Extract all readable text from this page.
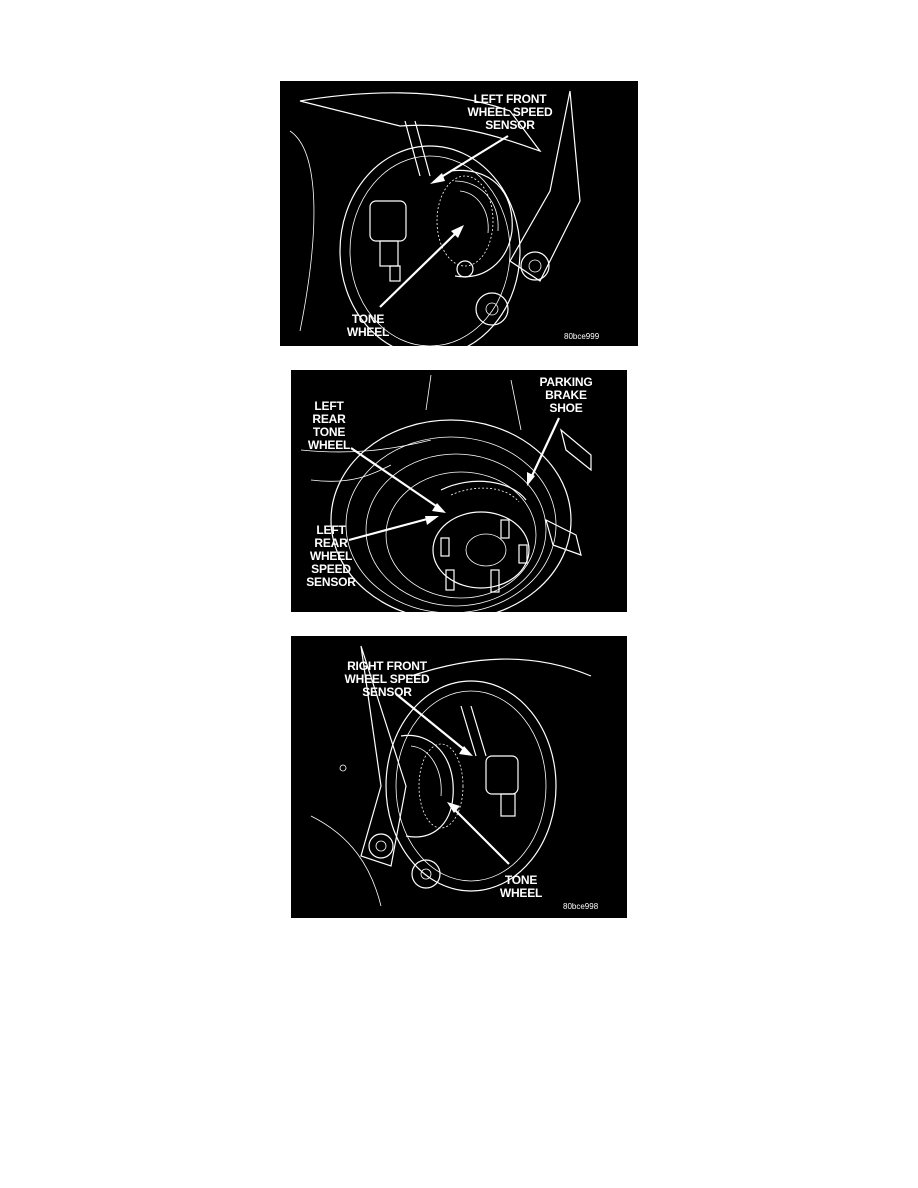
LEFT FRONT
WHEEL SPEED
SENSOR
TONE
WHEEL	80bce999
PARKING
BRAKE
SHOE
LEFT
REAR
TONE
WHEEL
LEFT
REAR
WHEEL
SPEED
SENSOR
RIGHT FRONT
WHEEL SPEED
SENSOR
TONE
WHEEL
80bce998
